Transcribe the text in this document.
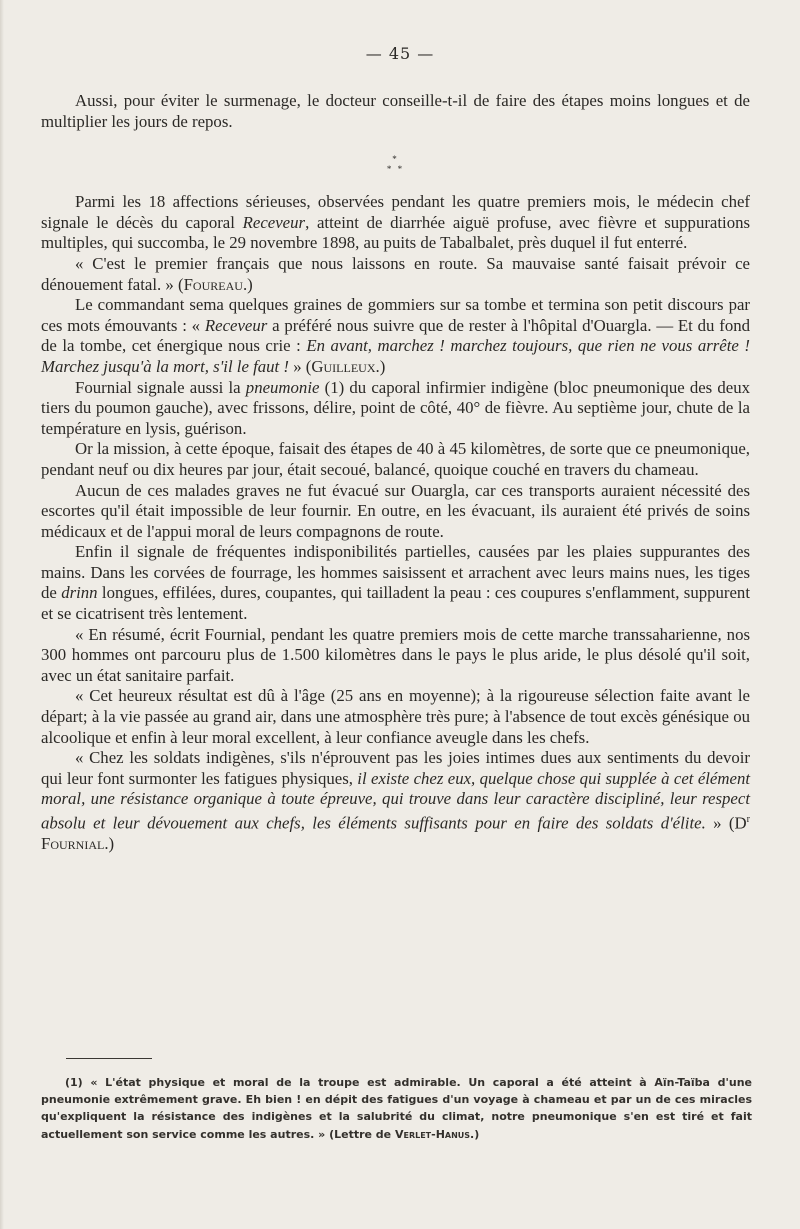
— 45 —

Aussi, pour éviter le surmenage, le docteur conseille-t-il de faire des étapes moins longues et de multiplier les jours de repos.

*
* *

Parmi les 18 affections sérieuses, observées pendant les quatre premiers mois, le médecin chef signale le décès du caporal Receveur, atteint de diarrhée aiguë profuse, avec fièvre et suppurations multiples, qui succomba, le 29 novembre 1898, au puits de Tabalbalet, près duquel il fut enterré.

« C'est le premier français que nous laissons en route. Sa mauvaise santé faisait prévoir ce dénouement fatal. » (Foureau.)

Le commandant sema quelques graines de gommiers sur sa tombe et termina son petit discours par ces mots émouvants : « Receveur a préféré nous suivre que de rester à l'hôpital d'Ouargla. — Et du fond de la tombe, cet énergique nous crie : En avant, marchez ! marchez toujours, que rien ne vous arrête ! Marchez jusqu'à la mort, s'il le faut ! » (Guilleux.)

Fournial signale aussi la pneumonie (1) du caporal infirmier indigène (bloc pneumonique des deux tiers du poumon gauche), avec frissons, délire, point de côté, 40° de fièvre. Au septième jour, chute de la température en lysis, guérison.

Or la mission, à cette époque, faisait des étapes de 40 à 45 kilomètres, de sorte que ce pneumonique, pendant neuf ou dix heures par jour, était secoué, balancé, quoique couché en travers du chameau.

Aucun de ces malades graves ne fut évacué sur Ouargla, car ces transports auraient nécessité des escortes qu'il était impossible de leur fournir. En outre, en les évacuant, ils auraient été privés de soins médicaux et de l'appui moral de leurs compagnons de route.

Enfin il signale de fréquentes indisponibilités partielles, causées par les plaies suppurantes des mains. Dans les corvées de fourrage, les hommes saisissent et arrachent avec leurs mains nues, les tiges de drinn longues, effilées, dures, coupantes, qui tailladent la peau : ces coupures s'enflamment, suppurent et se cicatrisent très lentement.

« En résumé, écrit Fournial, pendant les quatre premiers mois de cette marche transsaharienne, nos 300 hommes ont parcouru plus de 1.500 kilomètres dans le pays le plus aride, le plus désolé qu'il soit, avec un état sanitaire parfait.

« Cet heureux résultat est dû à l'âge (25 ans en moyenne); à la rigoureuse sélection faite avant le départ; à la vie passée au grand air, dans une atmosphère très pure; à l'absence de tout excès génésique ou alcoolique et enfin à leur moral excellent, à leur confiance aveugle dans les chefs.

« Chez les soldats indigènes, s'ils n'éprouvent pas les joies intimes dues aux sentiments du devoir qui leur font surmonter les fatigues physiques, il existe chez eux, quelque chose qui supplée à cet élément moral, une résistance organique à toute épreuve, qui trouve dans leur caractère discipliné, leur respect absolu et leur dévouement aux chefs, les éléments suffisants pour en faire des soldats d'élite. » ($D^r$ Fournial.)

(1) « L'état physique et moral de la troupe est admirable. Un caporal a été atteint à Aïn-Taïba d'une pneumonie extrêmement grave. Eh bien ! en dépit des fatigues d'un voyage à chameau et par un de ces miracles qu'expliquent la résistance des indigènes et la salubrité du climat, notre pneumonique s'en est tiré et fait actuellement son service comme les autres. » (Lettre de Verlet-Hanus.)
